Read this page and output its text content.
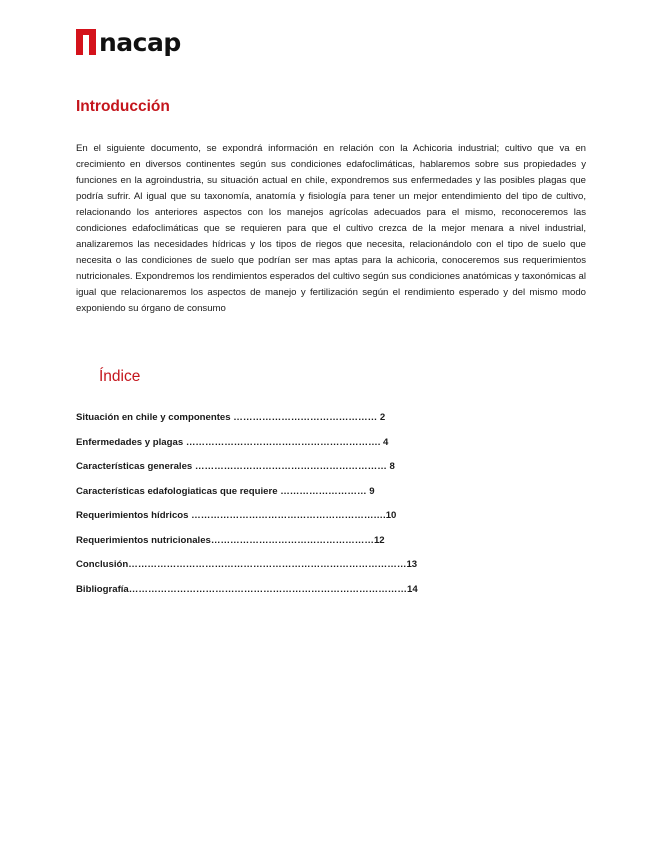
nacap
Introducción

En el siguiente documento, se expondrá información en relación con la Achicoria industrial; cultivo que va en crecimiento en diversos continentes según sus condiciones edafoclimáticas, hablaremos sobre sus propiedades y funciones en la agroindustria, su situación actual en chile, expondremos sus enfermedades y las posibles plagas que podría sufrir. Al igual que su taxonomía, anatomía y fisiología para tener un mejor entendimiento del tipo de cultivo, relacionando los anteriores aspectos con los manejos agrícolas adecuados para el mismo, reconoceremos las condiciones edafoclimáticas que se requieren para que el cultivo crezca de la mejor menara a nivel industrial, analizaremos las necesidades hídricas y los tipos de riegos que necesita, relacionándolo con el tipo de suelo que necesita o las condiciones de suelo que podrían ser mas aptas para la achicoria, conoceremos sus requerimientos nutricionales. Expondremos los rendimientos esperados del cultivo según sus condiciones anatómicas y taxonómicas al igual que relacionaremos los aspectos de manejo y fertilización según el rendimiento esperado y del mismo modo exponiendo su órgano de consumo

Índice
Situación en chile y componentes ……………………………………… 2
Enfermedades y plagas ……………………………………………………. 4
Características generales …………………………………………………… 8
Características edafologiaticas que requiere ……………………… 9
Requerimientos hídricos …………………………………………………….10
Requerimientos nutricionales……………………………………………12
Conclusión……………………………………………………………………………13
Bibliografía……………………………………………………………………………14
